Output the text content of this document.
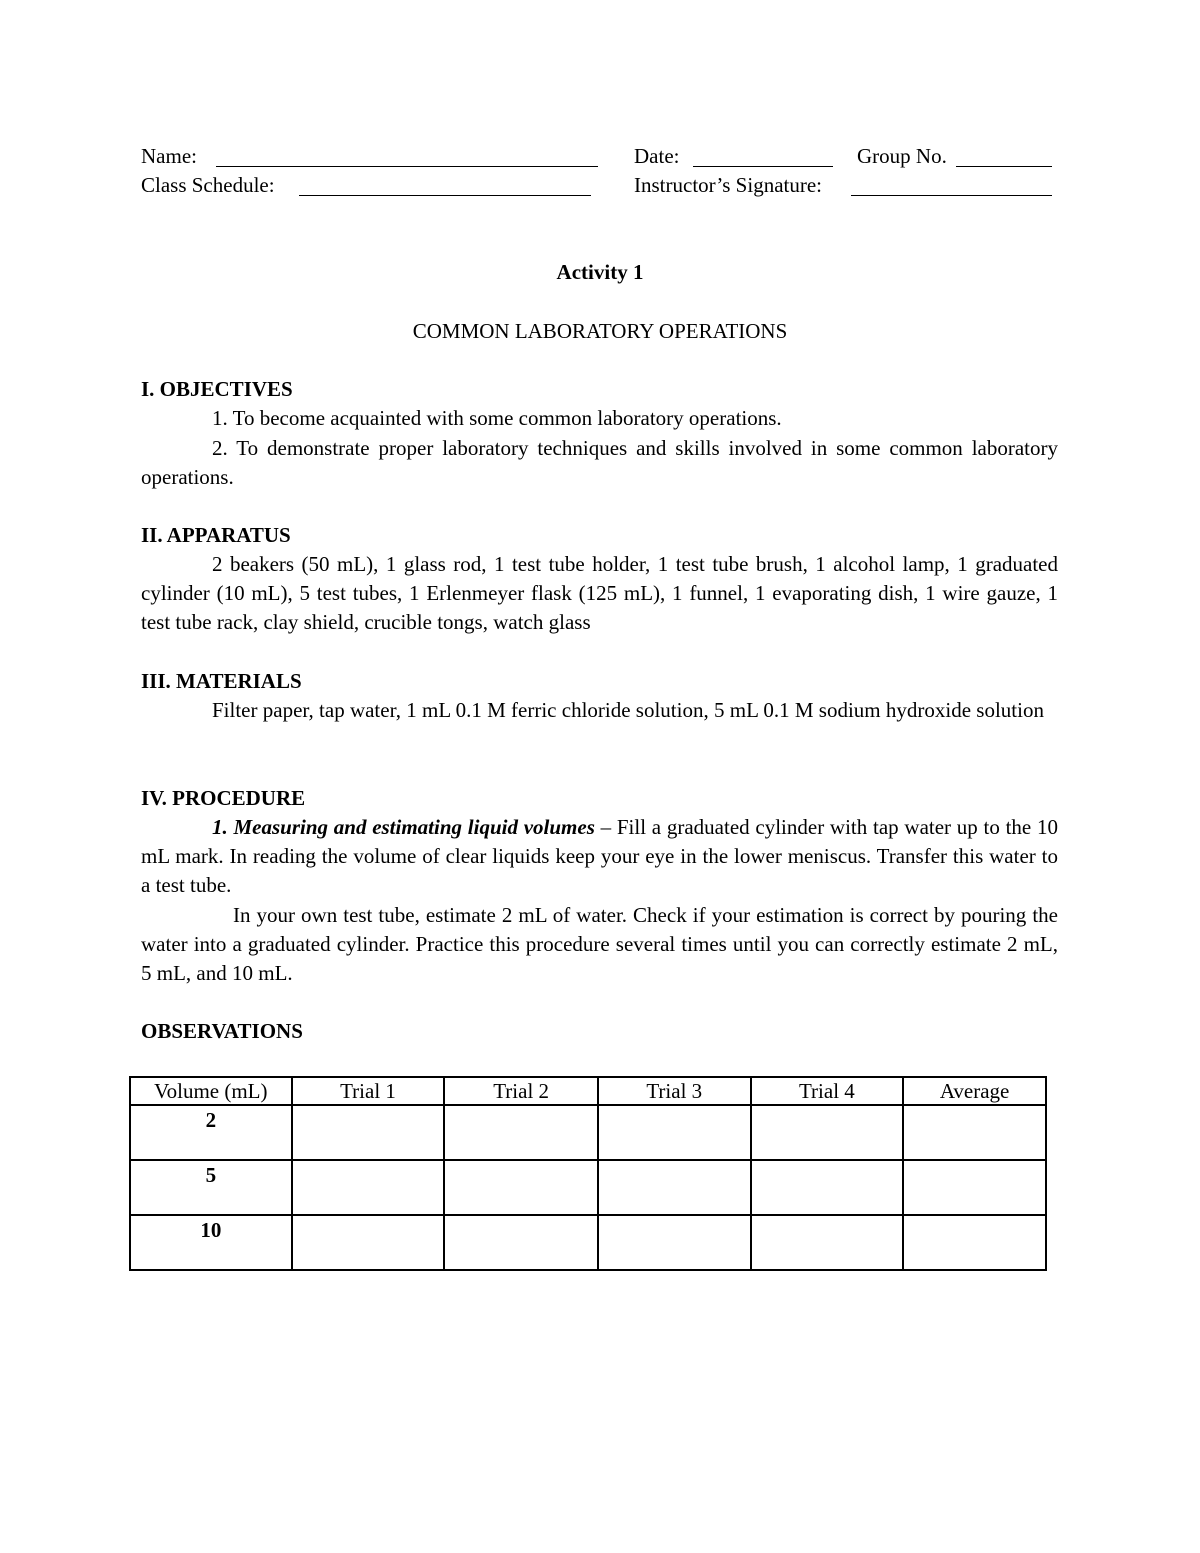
Name:	Date:	Group No.
Class Schedule:	Instructor’s Signature:
Activity 1
COMMON LABORATORY OPERATIONS
I. OBJECTIVES
1. To become acquainted with some common laboratory operations.
2. To demonstrate proper laboratory techniques and skills involved in some common laboratory operations.
II. APPARATUS
2 beakers (50 mL), 1 glass rod, 1 test tube holder, 1 test tube brush, 1 alcohol lamp, 1 graduated cylinder (10 mL), 5 test tubes, 1 Erlenmeyer flask (125 mL), 1 funnel, 1 evaporating dish, 1 wire gauze, 1 test tube rack, clay shield, crucible tongs, watch glass
III. MATERIALS
Filter paper, tap water, 1 mL 0.1 M ferric chloride solution, 5 mL 0.1 M sodium hydroxide solution
IV. PROCEDURE
1. Measuring and estimating liquid volumes – Fill a graduated cylinder with tap water up to the 10 mL mark. In reading the volume of clear liquids keep your eye in the lower meniscus. Transfer this water to a test tube.
In your own test tube, estimate 2 mL of water. Check if your estimation is correct by pouring the water into a graduated cylinder. Practice this procedure several times until you can correctly estimate 2 mL, 5 mL, and 10 mL.
OBSERVATIONS
Volume (mL)	Trial 1	Trial 2	Trial 3	Trial 4	Average
2					
5					
10					
